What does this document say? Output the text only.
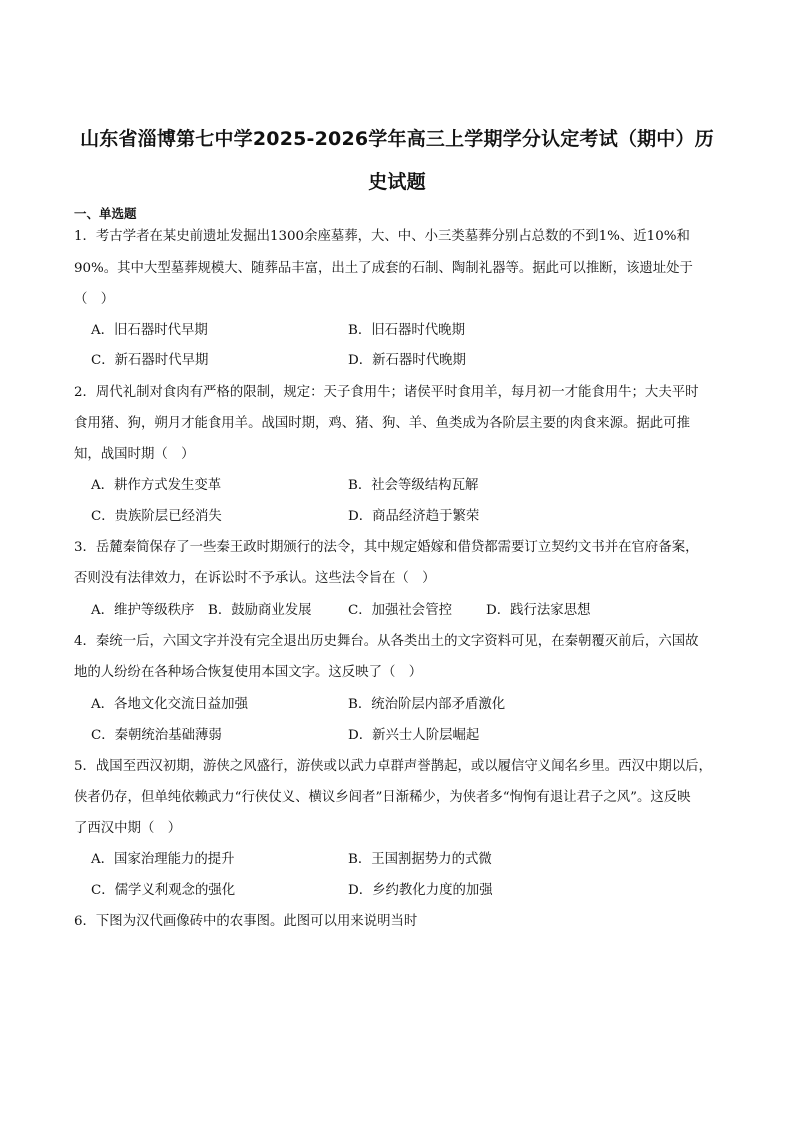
山东省淄博第七中学2025-2026学年高三上学期学分认定考试（期中）历
史试题
一、单选题
1．考古学者在某史前遗址发掘出1300余座墓葬，大、中、小三类墓葬分别占总数的不到1%、近10%和
90%。其中大型墓葬规模大、随葬品丰富，出土了成套的石制、陶制礼器等。据此可以推断，该遗址处于
（　）
A．旧石器时代早期	B．旧石器时代晚期
C．新石器时代早期	D．新石器时代晚期
2．周代礼制对食肉有严格的限制，规定：天子食用牛；诸侯平时食用羊，每月初一才能食用牛；大夫平时
食用猪、狗，朔月才能食用羊。战国时期，鸡、猪、狗、羊、鱼类成为各阶层主要的肉食来源。据此可推
知，战国时期（　）
A．耕作方式发生变革	B．社会等级结构瓦解
C．贵族阶层已经消失	D．商品经济趋于繁荣
3．岳麓秦简保存了一些秦王政时期颁行的法令，其中规定婚嫁和借贷都需要订立契约文书并在官府备案，
否则没有法律效力，在诉讼时不予承认。这些法令旨在（　）
A．维护等级秩序 B．鼓励商业发展	C．加强社会管控	D．践行法家思想
4．秦统一后，六国文字并没有完全退出历史舞台。从各类出土的文字资料可见，在秦朝覆灭前后，六国故
地的人纷纷在各种场合恢复使用本国文字。这反映了（　）
A．各地文化交流日益加强	B．统治阶层内部矛盾激化
C．秦朝统治基础薄弱	D．新兴士人阶层崛起
5．战国至西汉初期，游侠之风盛行，游侠或以武力卓群声誉鹊起，或以履信守义闻名乡里。西汉中期以后，
侠者仍存，但单纯依赖武力“行侠仗义、横议乡闾者”日渐稀少，为侠者多“恂恂有退让君子之风”。这反映
了西汉中期（　）
A．国家治理能力的提升	B．王国割据势力的式微
C．儒学义利观念的强化	D．乡约教化力度的加强
6．下图为汉代画像砖中的农事图。此图可以用来说明当时
